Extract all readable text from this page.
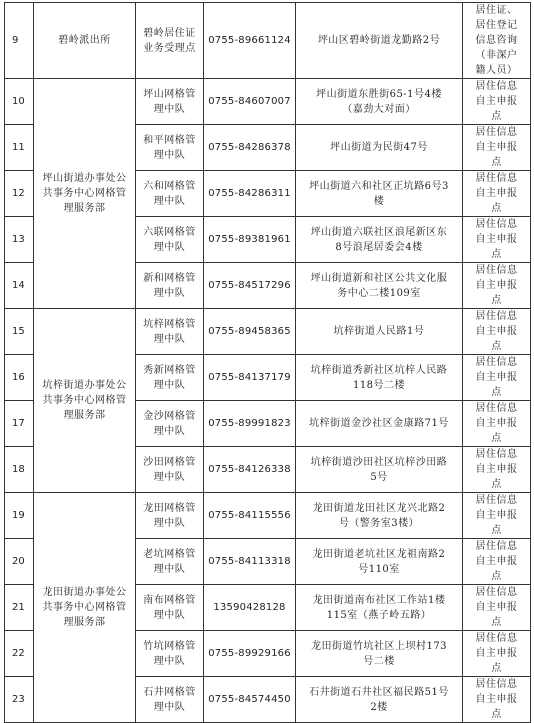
9	碧岭派出所	碧岭居住证业务受理点	0755-89661124	坪山区碧岭街道龙勤路2号	居住证、居住登记信息咨询（非深户籍人员）
10	坪山街道办事处公共事务中心网格管理服务部	坪山网格管理中队	0755-84607007	坪山街道东胜街65-1号4楼（嘉劲大对面）	居住信息自主申报点
11		和平网格管理中队	0755-84286378	坪山街道为民街47号	居住信息自主申报点
12		六和网格管理中队	0755-84286311	坪山街道六和社区正坑路6号3楼	居住信息自主申报点
13		六联网格管理中队	0755-89381961	坪山街道六联社区浪尾新区东8号浪尾居委会4楼	居住信息自主申报点
14		新和网格管理中队	0755-84517296	坪山街道新和社区公共文化服务中心二楼109室	居住信息自主申报点
15	坑梓街道办事处公共事务中心网格管理服务部	坑梓网格管理中队	0755-89458365	坑梓街道人民路1号	居住信息自主申报点
16		秀新网格管理中队	0755-84137179	坑梓街道秀新社区坑梓人民路118号二楼	居住信息自主申报点
17		金沙网格管理中队	0755-89991823	坑梓街道金沙社区金康路71号	居住信息自主申报点
18		沙田网格管理中队	0755-84126338	坑梓街道沙田社区坑梓沙田路5号	居住信息自主申报点
19	龙田街道办事处公共事务中心网格管理服务部	龙田网格管理中队	0755-84115556	龙田街道龙田社区龙兴北路2号（警务室3楼）	居住信息自主申报点
20		老坑网格管理中队	0755-84113318	龙田街道老坑社区龙祖南路2号110室	居住信息自主申报点
21		南布网格管理中队	13590428128	龙田街道南布社区工作站1楼115室（燕子岭五路）	居住信息自主申报点
22		竹坑网格管理中队	0755-89929166	龙田街道竹坑社区上坝村173号二楼	居住信息自主申报点
23		石井网格管理中队	0755-84574450	石井街道石井社区福民路51号2楼	居住信息自主申报点
